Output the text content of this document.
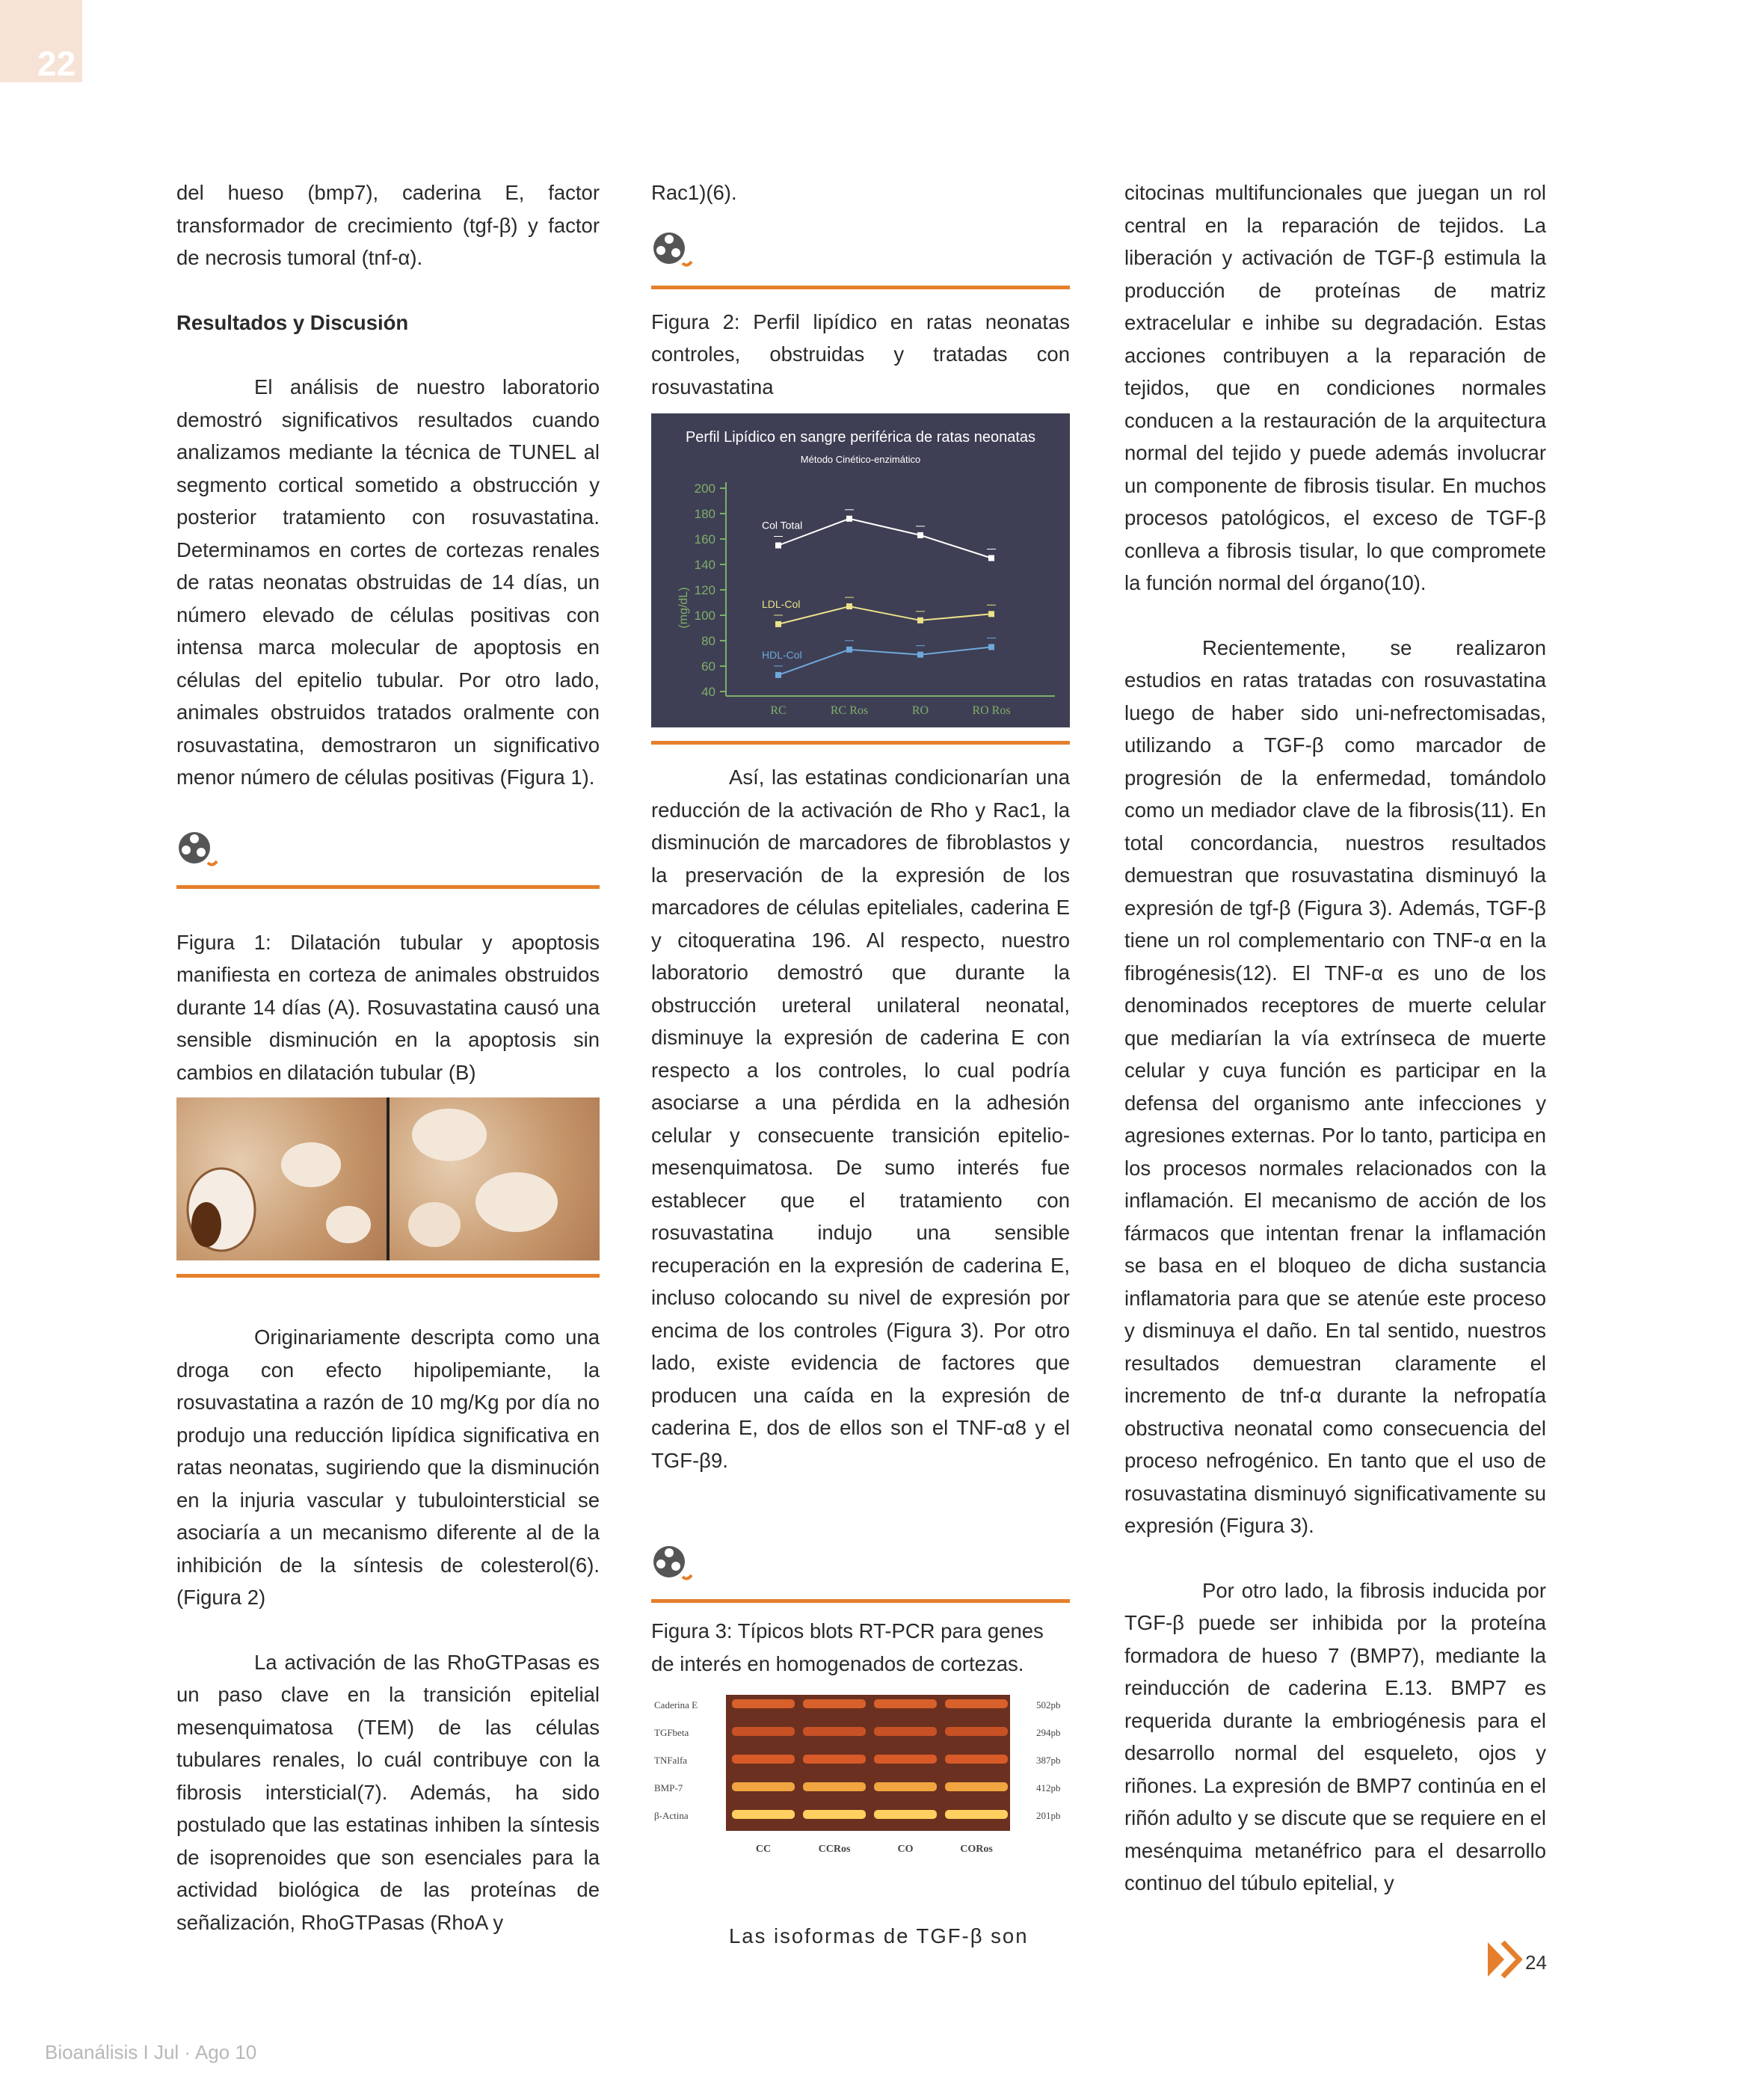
22

del hueso (bmp7), caderina E, factor transformador de crecimiento (tgf-β) y factor de necrosis tumoral (tnf-α).

Resultados y Discusión

El análisis de nuestro laboratorio demostró significativos resultados cuando analizamos mediante la técnica de TUNEL al segmento cortical sometido a obstrucción y posterior tratamiento con rosuvastatina. Determinamos en cortes de cortezas renales de ratas neonatas obstruidas de 14 días, un número elevado de células positivas con intensa marca molecular de apoptosis en células del epitelio tubular. Por otro lado, animales obstruidos tratados oralmente con rosuvastatina, demostraron un significativo menor número de células positivas (Figura 1).

Figura 1: Dilatación tubular y apoptosis manifiesta en corteza de animales obstruidos durante 14 días (A). Rosuvastatina causó una sensible disminución en la apoptosis sin cambios en dilatación tubular (B)

Originariamente descripta como una droga con efecto hipolipemiante, la rosuvastatina a razón de 10 mg/Kg por día no produjo una reducción lipídica significativa en ratas neonatas, sugiriendo que la disminución en la injuria vascular y tubulointersticial se asociaría a un mecanismo diferente al de la inhibición de la síntesis de colesterol(6). (Figura 2)

La activación de las RhoGTPasas es un paso clave en la transición epitelial mesenquimatosa (TEM) de las células tubulares renales, lo cuál contribuye con la fibrosis intersticial(7). Además, ha sido postulado que las estatinas inhiben la síntesis de isoprenoides que son esenciales para la actividad biológica de las proteínas de señalización, RhoGTPasas (RhoA y

Rac1)(6).

Figura 2: Perfil lipídico en ratas neonatas controles, obstruidas y tratadas con rosuvastatina

Perfil Lipídico en sangre periférica de ratas neonatas
Método Cinético-enzimático
(mg/dL)
200
180
160
140
120
100
80
60
40
RC	RC Ros	RO	RO Ros
Col Total
LDL-Col
HDL-Col

Así, las estatinas condicionarían una reducción de la activación de Rho y Rac1, la disminución de marcadores de fibroblastos y la preservación de la expresión de los marcadores de células epiteliales, caderina E y citoqueratina 196. Al respecto, nuestro laboratorio demostró que durante la obstrucción ureteral unilateral neonatal, disminuye la expresión de caderina E con respecto a los controles, lo cual podría asociarse a una pérdida en la adhesión celular y consecuente transición epitelio-mesenquimatosa. De sumo interés fue establecer que el tratamiento con rosuvastatina indujo una sensible recuperación en la expresión de caderina E, incluso colocando su nivel de expresión por encima de los controles (Figura 3). Por otro lado, existe evidencia de factores que producen una caída en la expresión de caderina E, dos de ellos son el TNF-α8 y el TGF-β9.

Figura 3: Típicos blots RT-PCR para genes de interés en homogenados de cortezas.

Caderina E	502pb
TGFbeta	294pb
TNFalfa	387pb
BMP-7	412pb
β-Actina	201pb
CC	CCRos	CO	CORos

Las isoformas de TGF-β son

citocinas multifuncionales que juegan un rol central en la reparación de tejidos. La liberación y activación de TGF-β estimula la producción de proteínas de matriz extracelular e inhibe su degradación. Estas acciones contribuyen a la reparación de tejidos, que en condiciones normales conducen a la restauración de la arquitectura normal del tejido y puede además involucrar un componente de fibrosis tisular. En muchos procesos patológicos, el exceso de TGF-β conlleva a fibrosis tisular, lo que compromete la función normal del órgano(10).

Recientemente, se realizaron estudios en ratas tratadas con rosuvastatina luego de haber sido uni-nefrectomisadas, utilizando a TGF-β como marcador de progresión de la enfermedad, tomándolo como un mediador clave de la fibrosis(11). En total concordancia, nuestros resultados demuestran que rosuvastatina disminuyó la expresión de tgf-β (Figura 3). Además, TGF-β tiene un rol complementario con TNF-α en la fibrogénesis(12). El TNF-α es uno de los denominados receptores de muerte celular que mediarían la vía extrínseca de muerte celular y cuya función es participar en la defensa del organismo ante infecciones y agresiones externas. Por lo tanto, participa en los procesos normales relacionados con la inflamación. El mecanismo de acción de los fármacos que intentan frenar la inflamación se basa en el bloqueo de dicha sustancia inflamatoria para que se atenúe este proceso y disminuya el daño. En tal sentido, nuestros resultados demuestran claramente el incremento de tnf-α durante la nefropatía obstructiva neonatal como consecuencia del proceso nefrogénico. En tanto que el uso de rosuvastatina disminuyó significativamente su expresión (Figura 3).

Por otro lado, la fibrosis inducida por TGF-β puede ser inhibida por la proteína formadora de hueso 7 (BMP7), mediante la reinducción de caderina E.13. BMP7 es requerida durante la embriogénesis para el desarrollo normal del esqueleto, ojos y riñones. La expresión de BMP7 continúa en el riñón adulto y se discute que se requiere en el mesénquima metanéfrico para el desarrollo continuo del túbulo epitelial, y

24
Bioanálisis I Jul · Ago 10
